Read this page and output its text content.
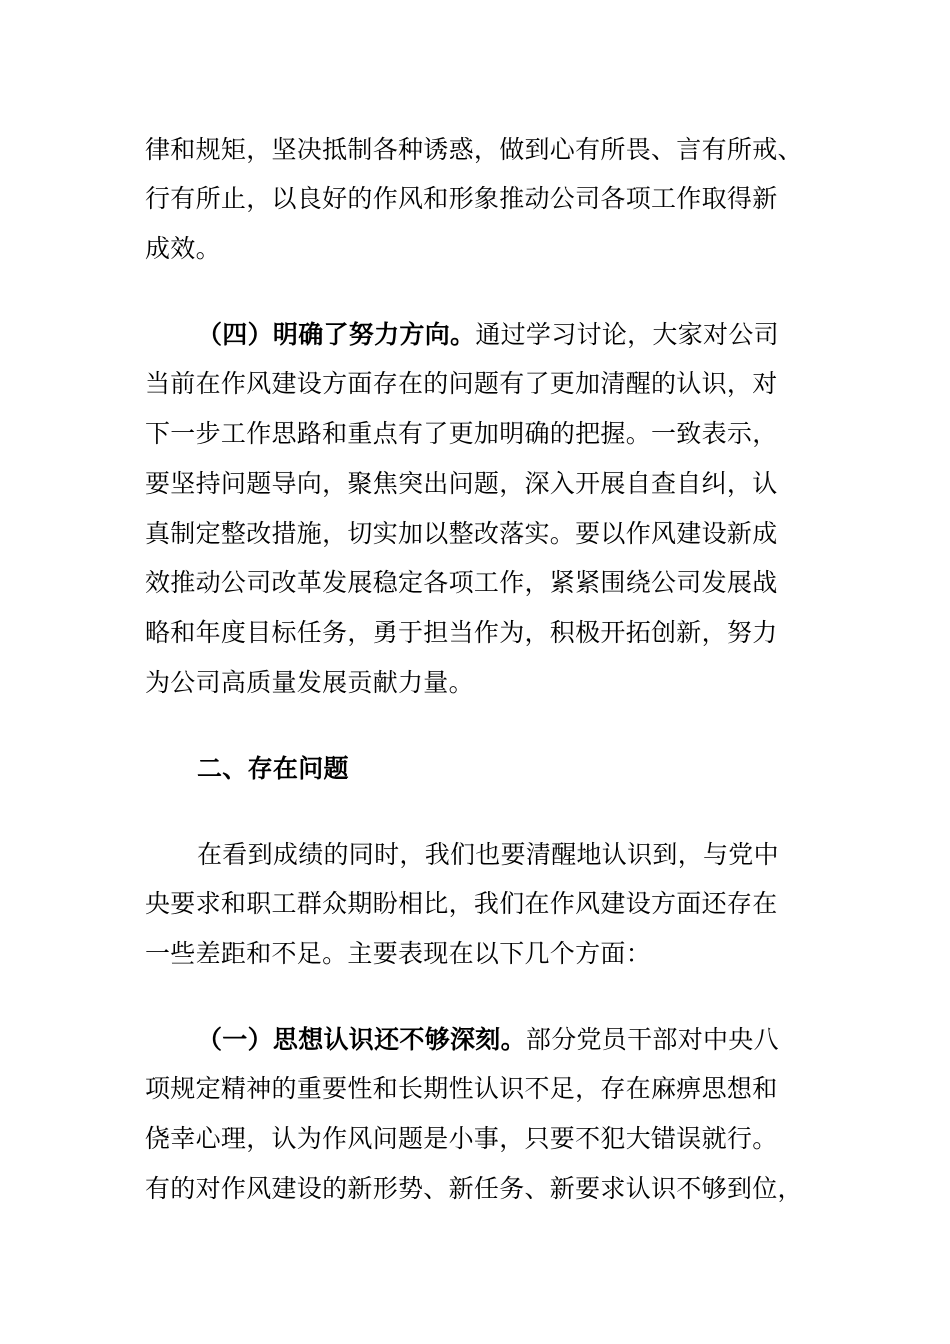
律和规矩，坚决抵制各种诱惑，做到心有所畏、言有所戒、
行有所止，以良好的作风和形象推动公司各项工作取得新
成效。
（四）明确了努力方向。通过学习讨论，大家对公司
当前在作风建设方面存在的问题有了更加清醒的认识，对
下一步工作思路和重点有了更加明确的把握。一致表示，
要坚持问题导向，聚焦突出问题，深入开展自查自纠，认
真制定整改措施，切实加以整改落实。要以作风建设新成
效推动公司改革发展稳定各项工作，紧紧围绕公司发展战
略和年度目标任务，勇于担当作为，积极开拓创新，努力
为公司高质量发展贡献力量。
二、存在问题
在看到成绩的同时，我们也要清醒地认识到，与党中
央要求和职工群众期盼相比，我们在作风建设方面还存在
一些差距和不足。主要表现在以下几个方面：
（一）思想认识还不够深刻。部分党员干部对中央八
项规定精神的重要性和长期性认识不足，存在麻痹思想和
侥幸心理，认为作风问题是小事，只要不犯大错误就行。
有的对作风建设的新形势、新任务、新要求认识不够到位，
